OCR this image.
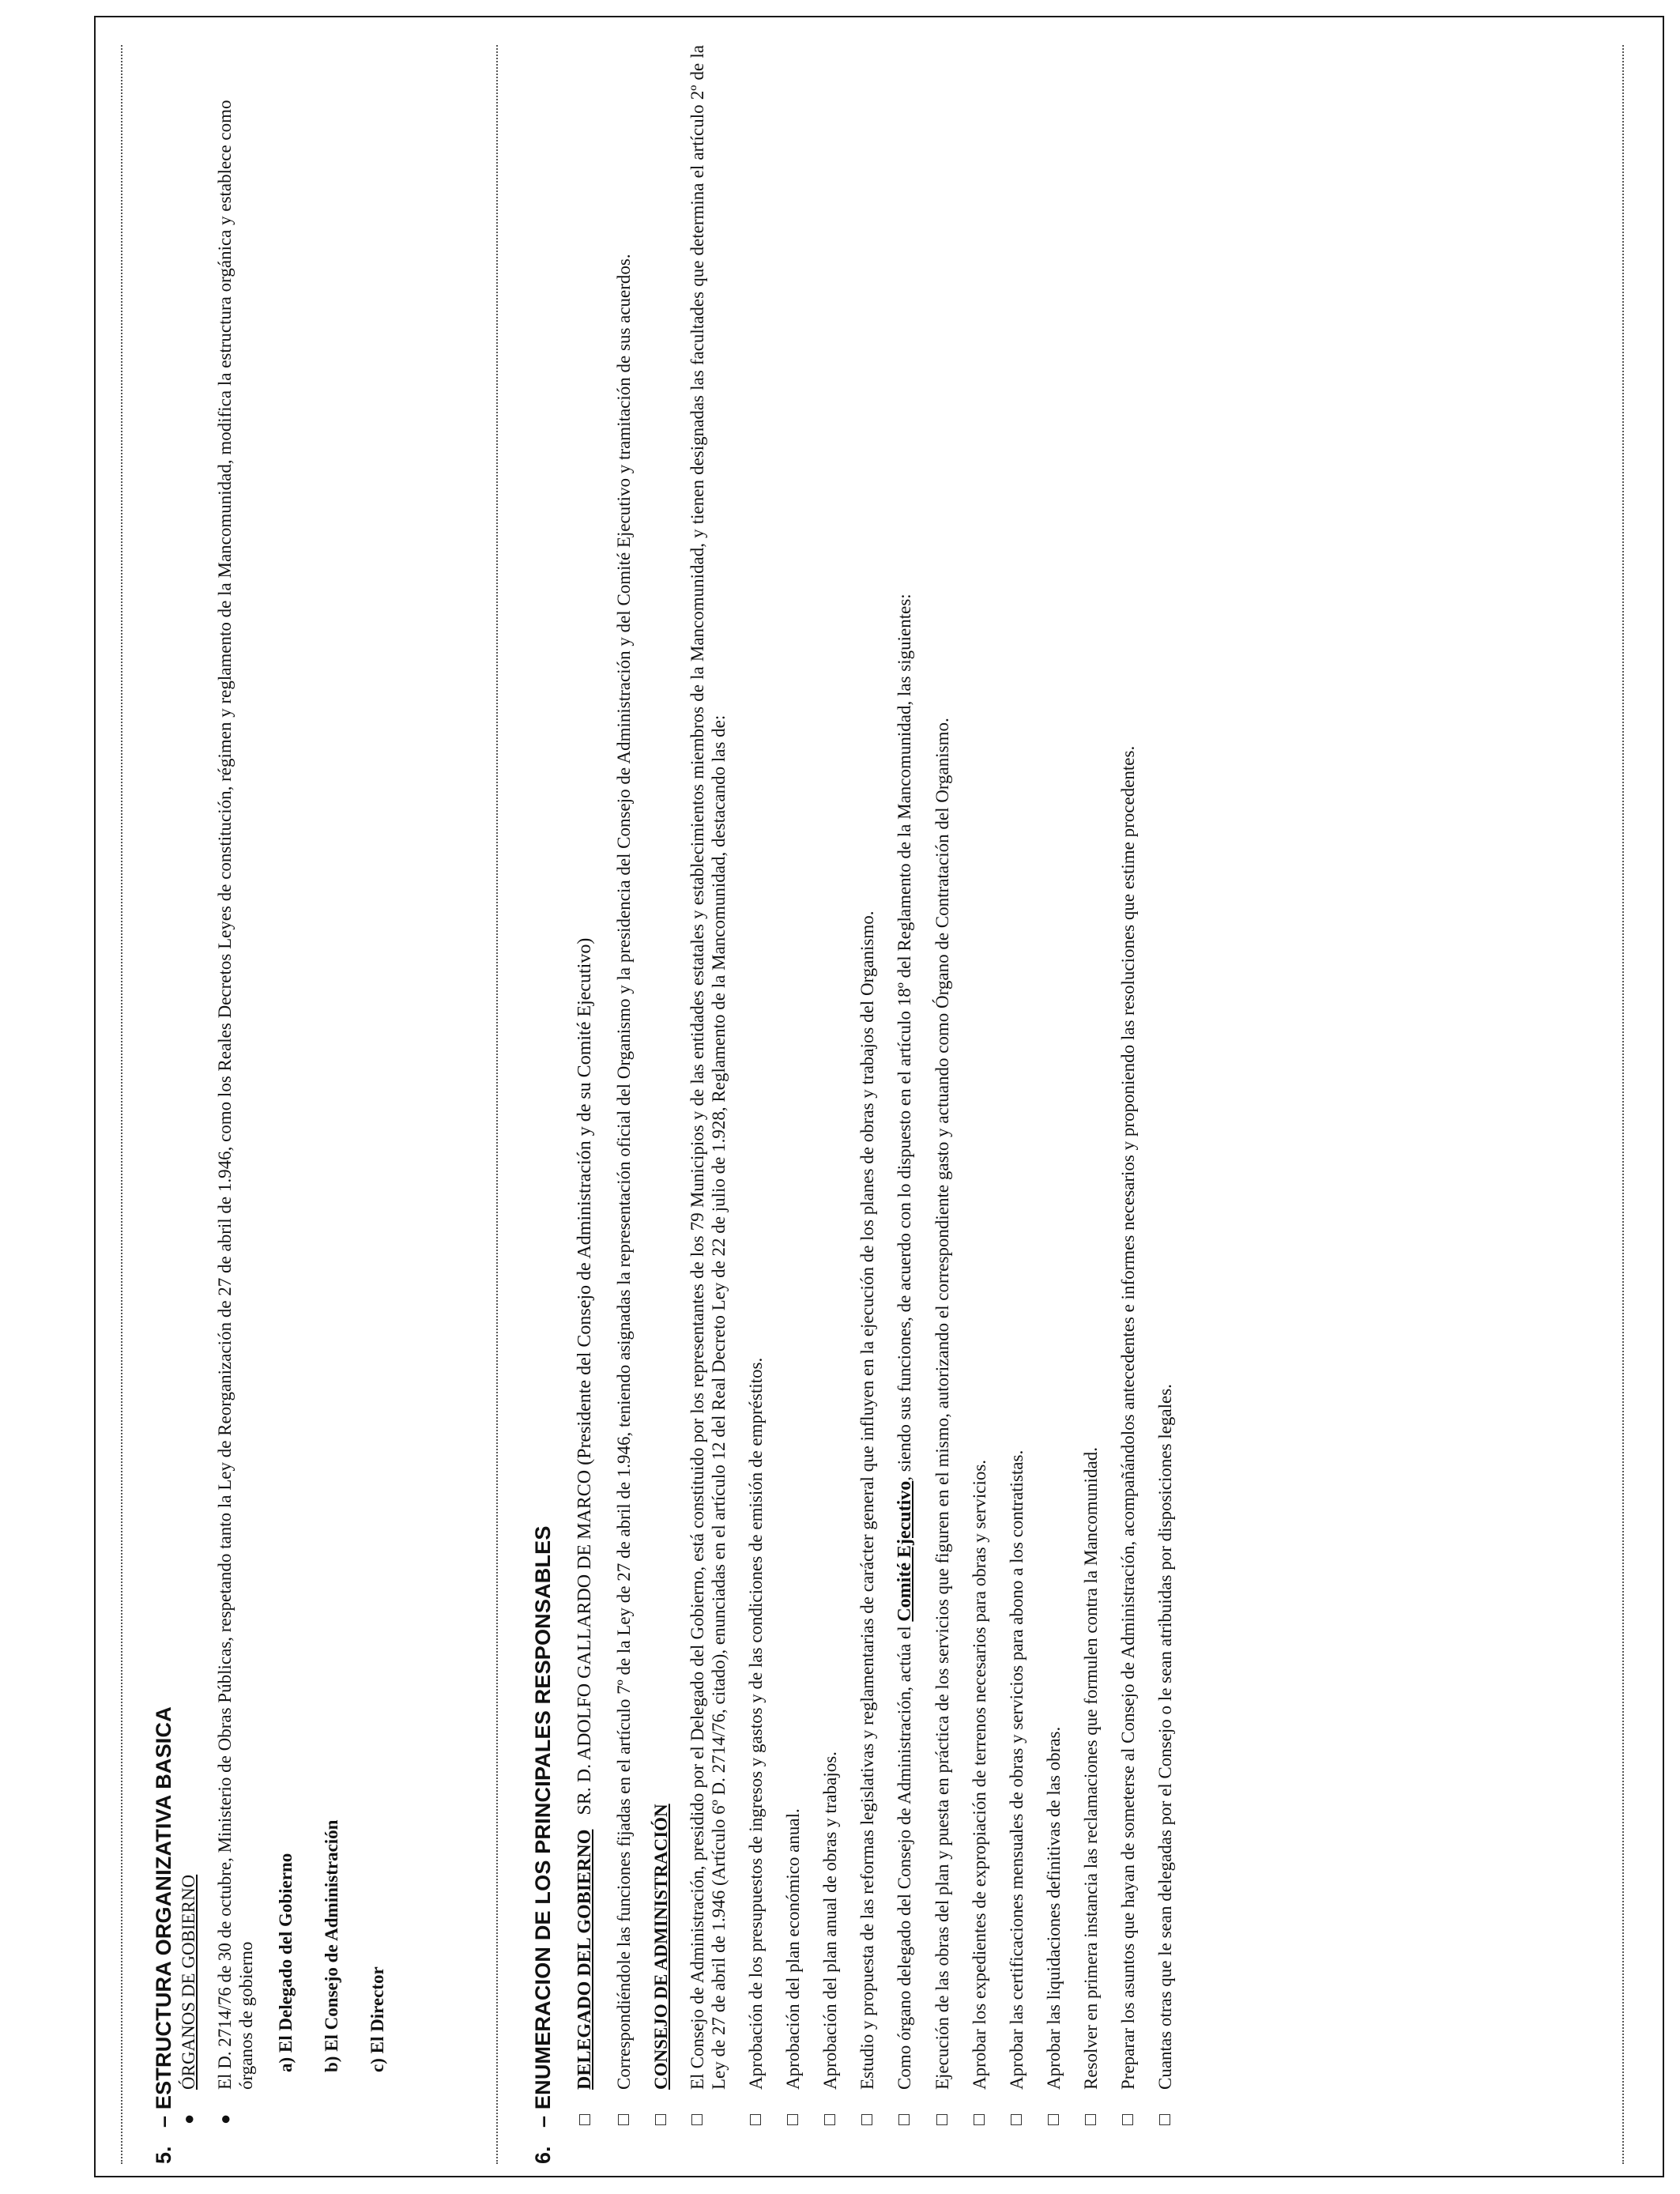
5.
– ESTRUCTURA ORGANIZATIVA BASICA ●
ÓRGANOS DE GOBIERNO
●
El D. 2714/76 de 30 de octubre, Ministerio de Obras Públicas, respetando tanto la Ley de Reorganización de 27 de abril de 1.946, como los Reales Decretos Leyes de constitución, régimen y reglamento de la Mancomunidad, modifica la estructura orgánica y establece como órganos de gobierno a) El Delegado del Gobierno	b) El Consejo de Administración	c) El Director
6.
– ENUMERACION DE LOS PRINCIPALES RESPONSABLES DELEGADO DEL GOBIERNO   SR. D. ADOLFO GALLARDO DE MARCO (Presidente del Consejo de Administración y de su Comité Ejecutivo) Correspondiéndole las funciones fijadas en el artículo 7º de la Ley de 27 de abril de 1.946, teniendo asignadas la representación oficial del Organismo y la presidencia del Consejo de Administración y del Comité Ejecutivo y tramitación de sus acuerdos. CONSEJO DE ADMINISTRACIÓN El Consejo de Administración, presidido por el Delegado del Gobierno, está constituido por los representantes de los 79 Municipios y de las entidades estatales y establecimientos miembros de la Mancomunidad, y tienen designadas las facultades que determina el artículo 2º de la Ley de 27 de abril de 1.946 (Artículo 6º D. 2714/76, citado), enunciadas en el artículo 12 del Real Decreto Ley de 22 de julio de 1.928, Reglamento de la Mancomunidad, destacando las de: Aprobación de los presupuestos de ingresos y gastos y de las condiciones de emisión de empréstitos. Aprobación del plan económico anual. Aprobación del plan anual de obras y trabajos. Estudio y propuesta de las reformas legislativas y reglamentarias de carácter general que influyen en la ejecución de los planes de obras y trabajos del Organismo. Como órgano delegado del Consejo de Administración, actúa el Comité Ejecutivo, siendo sus funciones, de acuerdo con lo dispuesto en el artículo 18º del Reglamento de la Mancomunidad, las siguientes: Ejecución de las obras del plan y puesta en práctica de los servicios que figuren en el mismo, autorizando el correspondiente gasto y actuando como Órgano de Contratación del Organismo. Aprobar los expedientes de expropiación de terrenos necesarios para obras y servicios. Aprobar las certificaciones mensuales de obras y servicios para abono a los contratistas. Aprobar las liquidaciones definitivas de las obras. Resolver en primera instancia las reclamaciones que formulen contra la Mancomunidad. Preparar los asuntos que hayan de someterse al Consejo de Administración, acompañándolos antecedentes e informes necesarios y proponiendo las resoluciones que estime procedentes. Cuantas otras que le sean delegadas por el Consejo o le sean atribuidas por disposiciones legales.
